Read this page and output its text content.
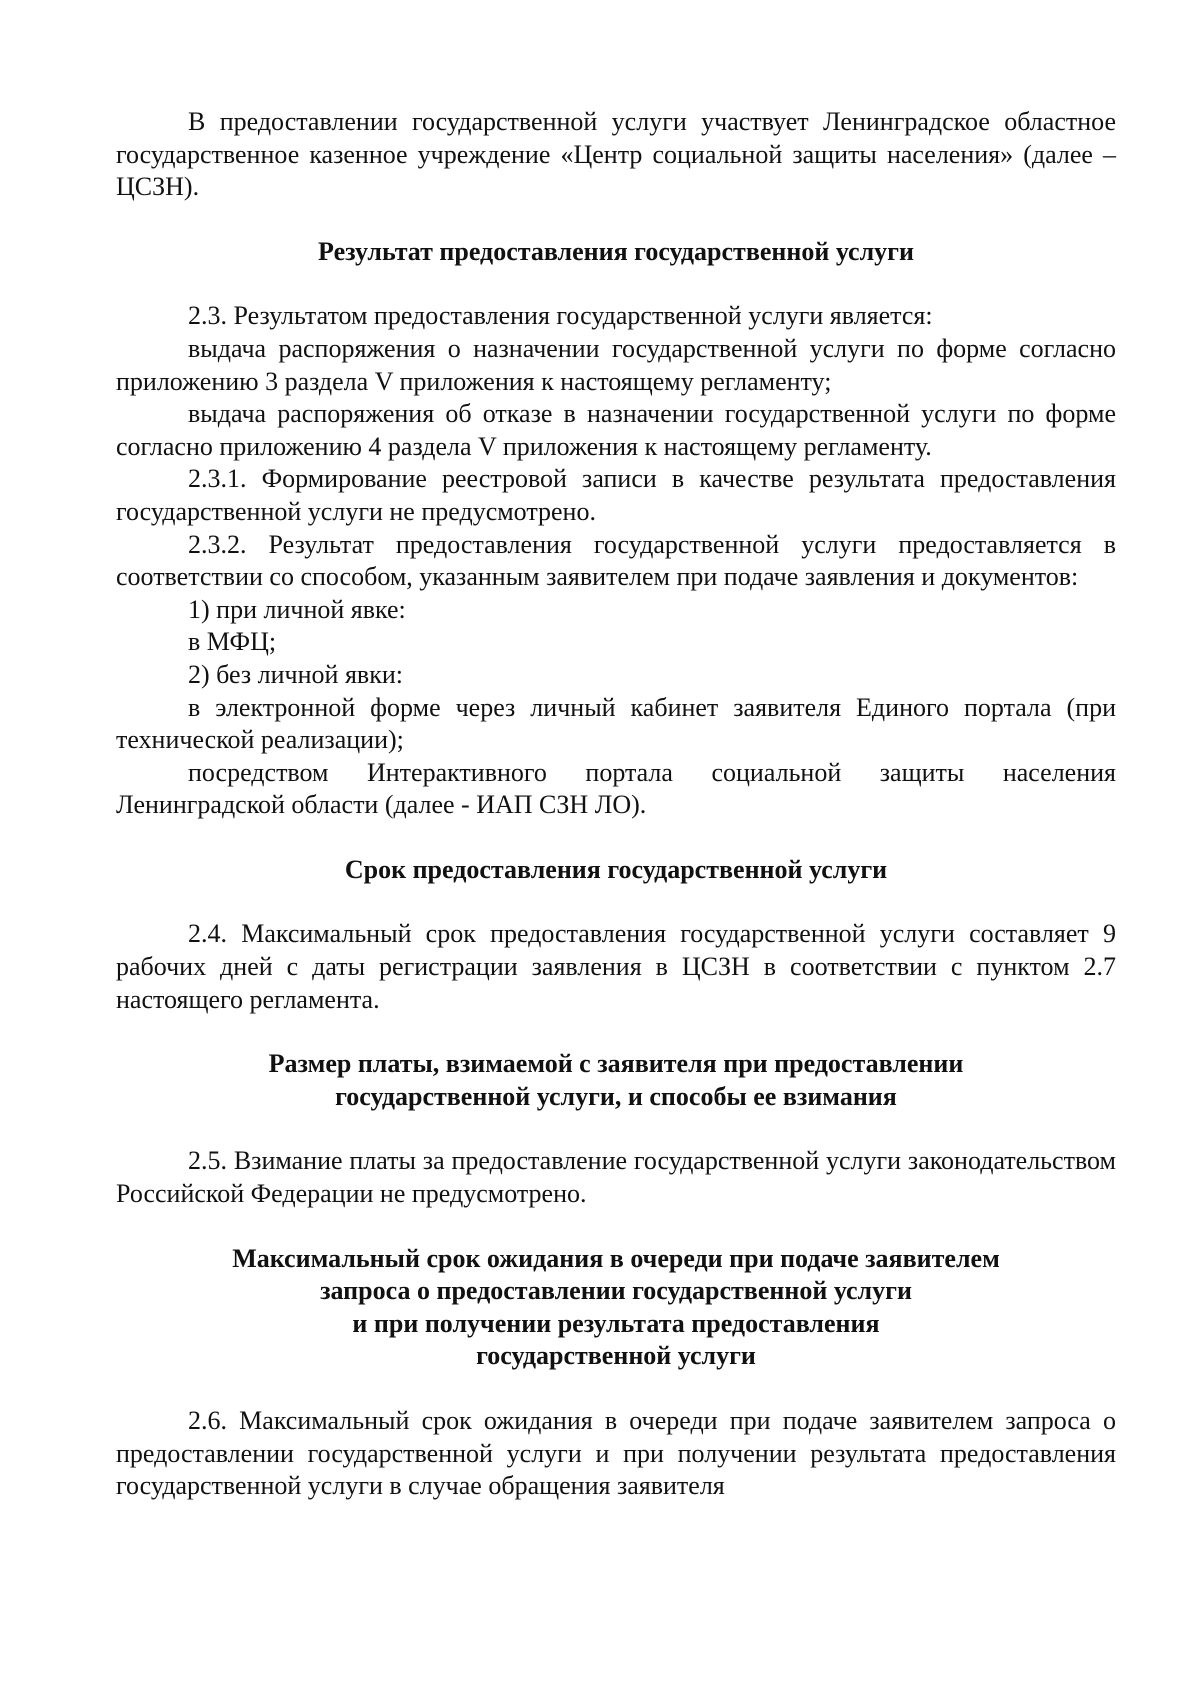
В предоставлении государственной услуги участвует Ленинградское областное государственное казенное учреждение «Центр социальной защиты населения» (далее – ЦСЗН).

Результат предоставления государственной услуги

2.3. Результатом предоставления государственной услуги является:

выдача распоряжения о назначении государственной услуги по форме согласно приложению 3 раздела V приложения к настоящему регламенту;

выдача распоряжения об отказе в назначении государственной услуги по форме согласно приложению 4 раздела V приложения к настоящему регламенту.

2.3.1. Формирование реестровой записи в качестве результата предоставления государственной услуги не предусмотрено.

2.3.2. Результат предоставления государственной услуги предоставляется в соответствии со способом, указанным заявителем при подаче заявления и документов:

1) при личной явке:

в МФЦ;

2) без личной явки:

в электронной форме через личный кабинет заявителя Единого портала (при технической реализации);

посредством Интерактивного портала социальной защиты населения Ленинградской области (далее - ИАП СЗН ЛО).

Срок предоставления государственной услуги

2.4. Максимальный срок предоставления государственной услуги составляет 9 рабочих дней с даты регистрации заявления в ЦСЗН в соответствии с пунктом 2.7 настоящего регламента.

Размер платы, взимаемой с заявителя при предоставлении

государственной услуги, и способы ее взимания

2.5. Взимание платы за предоставление государственной услуги законодательством Российской Федерации не предусмотрено.

Максимальный срок ожидания в очереди при подаче заявителем

запроса о предоставлении государственной услуги

и при получении результата предоставления

государственной услуги

2.6. Максимальный срок ожидания в очереди при подаче заявителем запроса о предоставлении государственной услуги и при получении результата предоставления государственной услуги в случае обращения заявителя
